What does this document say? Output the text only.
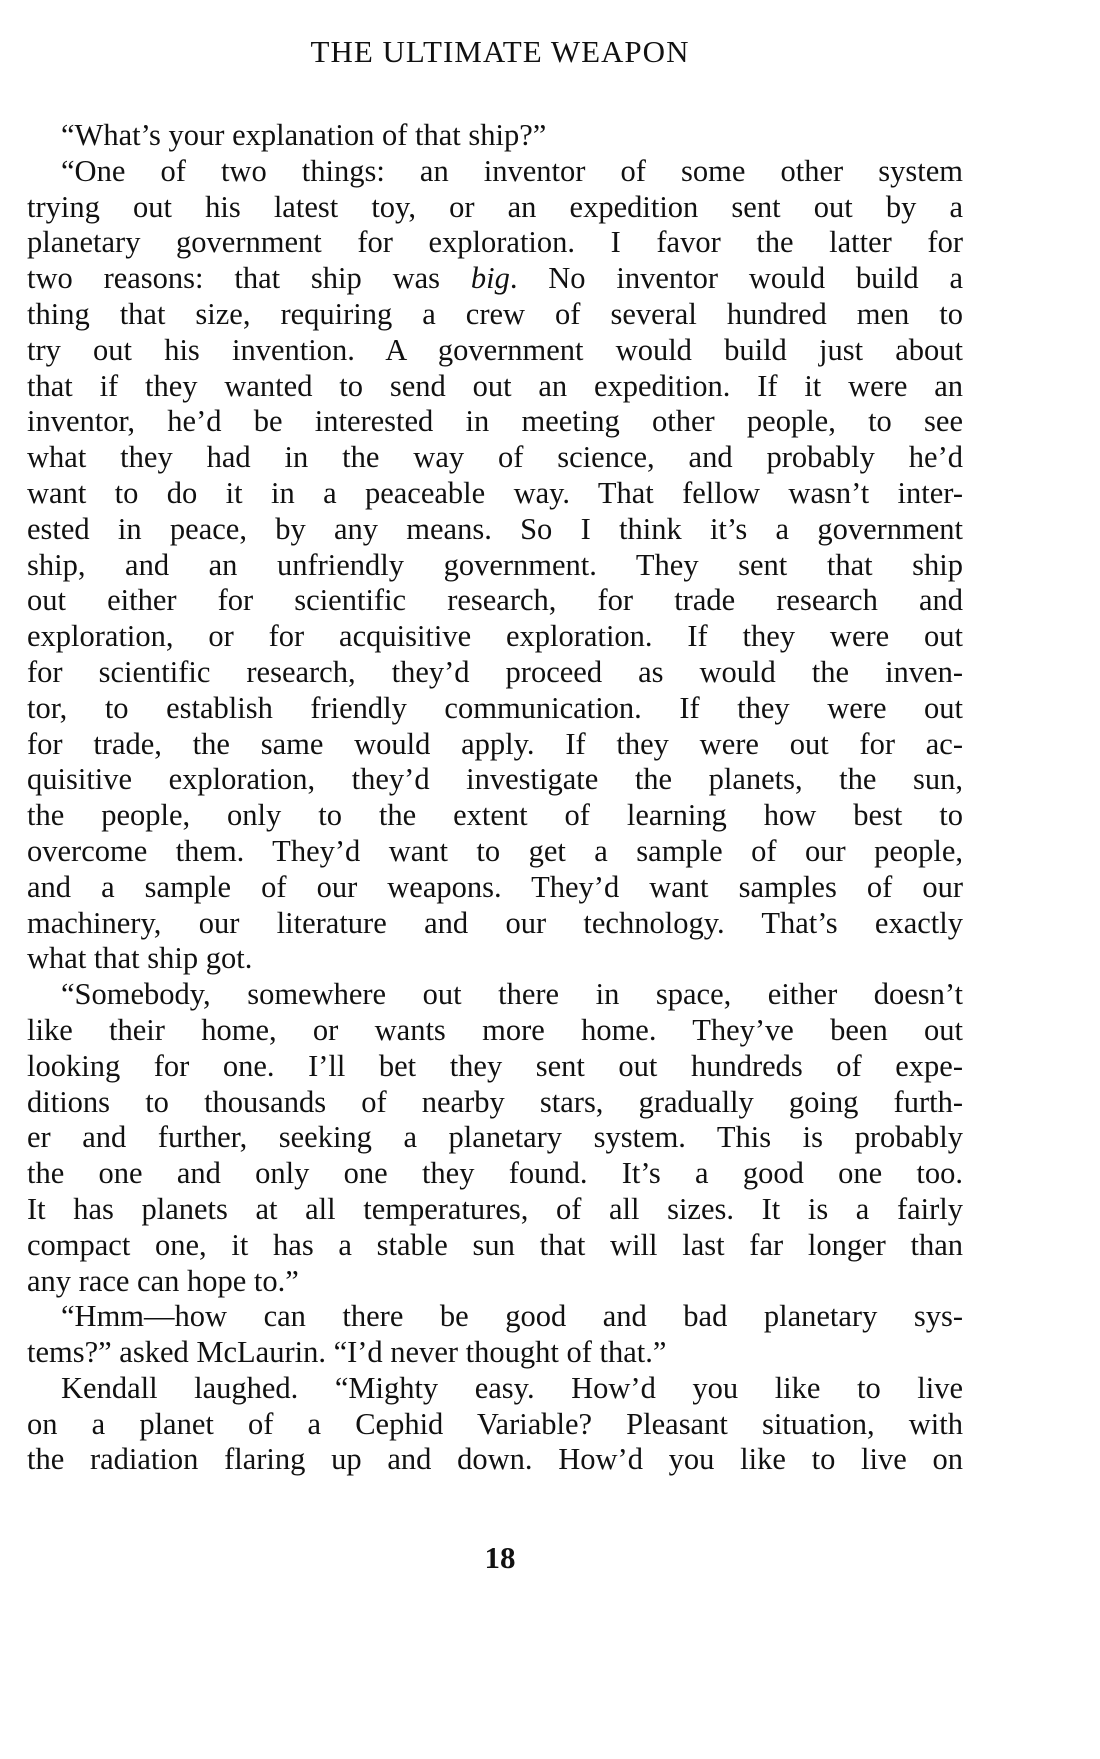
THE ULTIMATE WEAPON
“What’s your explanation of that ship?”
“One of two things: an inventor of some other system
trying out his latest toy, or an expedition sent out by a
planetary government for exploration. I favor the latter for
two reasons: that ship was big. No inventor would build a
thing that size, requiring a crew of several hundred men to
try out his invention. A government would build just about
that if they wanted to send out an expedition. If it were an
inventor, he’d be interested in meeting other people, to see
what they had in the way of science, and probably he’d
want to do it in a peaceable way. That fellow wasn’t inter-
ested in peace, by any means. So I think it’s a government
ship, and an unfriendly government. They sent that ship
out either for scientific research, for trade research and
exploration, or for acquisitive exploration. If they were out
for scientific research, they’d proceed as would the inven-
tor, to establish friendly communication. If they were out
for trade, the same would apply. If they were out for ac-
quisitive exploration, they’d investigate the planets, the sun,
the people, only to the extent of learning how best to
overcome them. They’d want to get a sample of our people,
and a sample of our weapons. They’d want samples of our
machinery, our literature and our technology. That’s exactly
what that ship got.
“Somebody, somewhere out there in space, either doesn’t
like their home, or wants more home. They’ve been out
looking for one. I’ll bet they sent out hundreds of expe-
ditions to thousands of nearby stars, gradually going furth-
er and further, seeking a planetary system. This is probably
the one and only one they found. It’s a good one too.
It has planets at all temperatures, of all sizes. It is a fairly
compact one, it has a stable sun that will last far longer than
any race can hope to.”
“Hmm—how can there be good and bad planetary sys-
tems?” asked McLaurin. “I’d never thought of that.”
Kendall laughed. “Mighty easy. How’d you like to live
on a planet of a Cephid Variable? Pleasant situation, with
the radiation flaring up and down. How’d you like to live on
18
